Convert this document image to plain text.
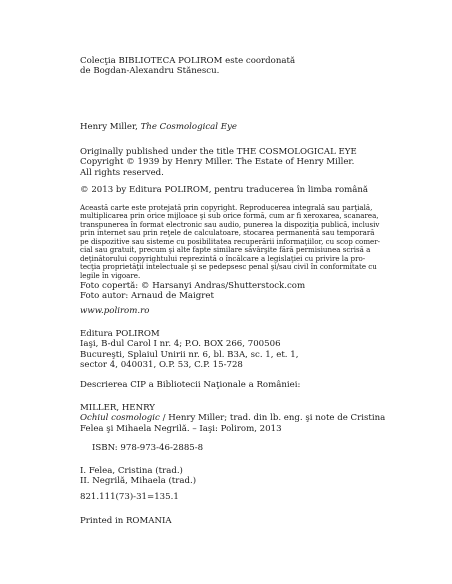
Colecţia BIBLIOTECA POLIROM este coordonată
de Bogdan-Alexandru Stănescu.
Henry Miller, The Cosmological Eye
Originally published under the title THE COSMOLOGICAL EYE
Copyright © 1939 by Henry Miller. The Estate of Henry Miller.
All rights reserved.
© 2013 by Editura POLIROM, pentru traducerea în limba română
Această carte este protejată prin copyright. Reproducerea integrală sau parţială,
multiplicarea prin orice mijloace şi sub orice formă, cum ar fi xeroxarea, scanarea,
transpunerea în format electronic sau audio, punerea la dispoziţia publică, inclusiv
prin internet sau prin reţele de calculatoare, stocarea permanentă sau temporară
pe dispozitive sau sisteme cu posibilitatea recuperării informaţiilor, cu scop comer-
cial sau gratuit, precum şi alte fapte similare săvârşite fără permisiunea scrisă a
deţinătorului copyrightului reprezintă o încălcare a legislaţiei cu privire la pro-
tecţia proprietăţii intelectuale şi se pedepsesc penal şi/sau civil în conformitate cu
legile în vigoare.
Foto copertă: © Harsanyi Andras/Shutterstock.com
Foto autor: Arnaud de Maigret
www.polirom.ro
Editura POLIROM
Iaşi, B-dul Carol I nr. 4; P.O. BOX 266, 700506
Bucureşti, Splaiul Unirii nr. 6, bl. B3A, sc. 1, et. 1,
sector 4, 040031, O.P. 53, C.P. 15-728
Descrierea CIP a Bibliotecii Naţionale a României:
MILLER, HENRY
Ochiul cosmologic / Henry Miller; trad. din lb. eng. şi note de Cristina
Felea şi Mihaela Negrilă. – Iaşi: Polirom, 2013
ISBN: 978-973-46-2885-8
I. Felea, Cristina (trad.)
II. Negrilă, Mihaela (trad.)
821.111(73)-31=135.1
Printed in ROMANIA
